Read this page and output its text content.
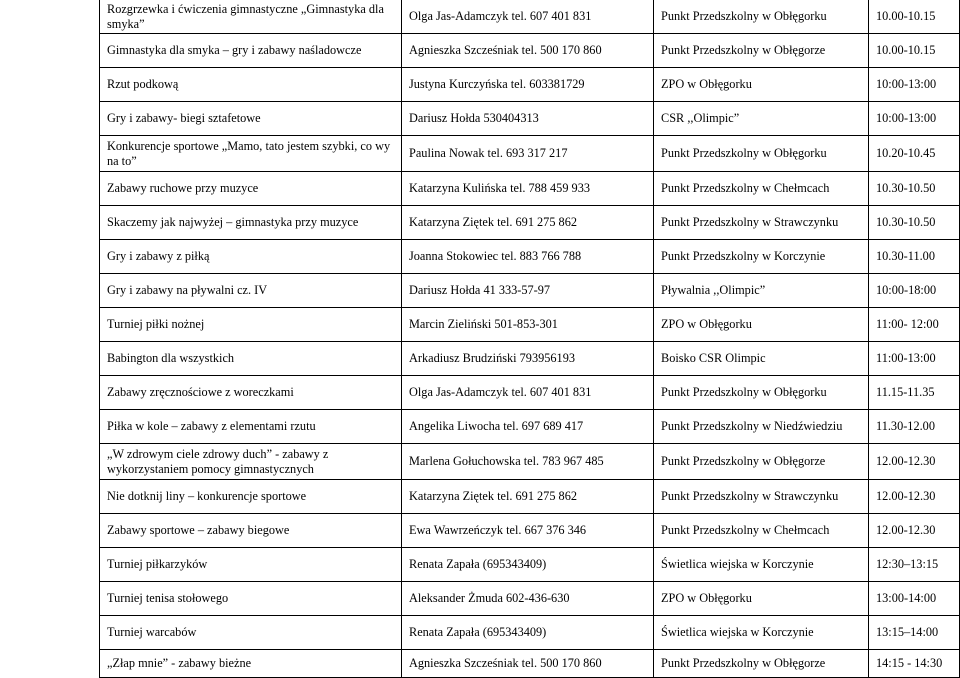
Rozgrzewka i ćwiczenia gimnastyczne „Gimnastyka dla smyka”	Olga Jas-Adamczyk tel. 607 401 831	Punkt Przedszkolny w Obłęgorku	10.00-10.15
Gimnastyka dla smyka – gry i zabawy naśladowcze	Agnieszka Szcześniak tel. 500 170 860	Punkt Przedszkolny w Obłęgorze	10.00-10.15
Rzut podkową	Justyna Kurczyńska tel. 603381729	ZPO w Obłęgorku	10:00-13:00
Gry i zabawy- biegi sztafetowe	Dariusz Hołda 530404313	CSR ,,Olimpic”	10:00-13:00
Konkurencje sportowe „Mamo, tato jestem szybki, co wy na to”	Paulina Nowak tel. 693 317 217	Punkt Przedszkolny w Obłęgorku	10.20-10.45
Zabawy ruchowe przy muzyce	Katarzyna Kulińska tel. 788 459 933	Punkt Przedszkolny w Chełmcach	10.30-10.50
Skaczemy jak najwyżej – gimnastyka przy muzyce	Katarzyna Ziętek tel. 691 275 862	Punkt Przedszkolny w Strawczynku	10.30-10.50
Gry i zabawy z piłką	Joanna Stokowiec tel. 883 766 788	Punkt Przedszkolny w Korczynie	10.30-11.00
Gry i zabawy na pływalni cz. IV	Dariusz Hołda 41 333-57-97	Pływalnia ,,Olimpic”	10:00-18:00
Turniej piłki nożnej	Marcin Zieliński 501-853-301	ZPO w Obłęgorku	11:00- 12:00
Babington dla wszystkich	Arkadiusz Brudziński 793956193	Boisko CSR Olimpic	11:00-13:00
Zabawy zręcznościowe z woreczkami	Olga Jas-Adamczyk tel. 607 401 831	Punkt Przedszkolny w Obłęgorku	11.15-11.35
Piłka w kole – zabawy z elementami rzutu	Angelika Liwocha tel. 697 689 417	Punkt Przedszkolny w Niedźwiedziu	11.30-12.00
„W zdrowym ciele zdrowy duch” - zabawy z wykorzystaniem pomocy gimnastycznych	Marlena Gołuchowska tel. 783 967 485	Punkt Przedszkolny w Obłęgorze	12.00-12.30
Nie dotknij liny – konkurencje sportowe	Katarzyna Ziętek tel. 691 275 862	Punkt Przedszkolny w Strawczynku	12.00-12.30
Zabawy sportowe – zabawy biegowe	Ewa Wawrzeńczyk tel. 667 376 346	Punkt Przedszkolny w Chełmcach	12.00-12.30
Turniej piłkarzyków	Renata Zapała (695343409)	Świetlica wiejska w Korczynie	12:30–13:15
Turniej tenisa stołowego	Aleksander Żmuda 602-436-630	ZPO w Obłęgorku	13:00-14:00
Turniej warcabów	Renata Zapała (695343409)	Świetlica wiejska w Korczynie	13:15–14:00
„Złap mnie” - zabawy bieżne	Agnieszka Szcześniak tel. 500 170 860	Punkt Przedszkolny w Obłęgorze	14:15 - 14:30
